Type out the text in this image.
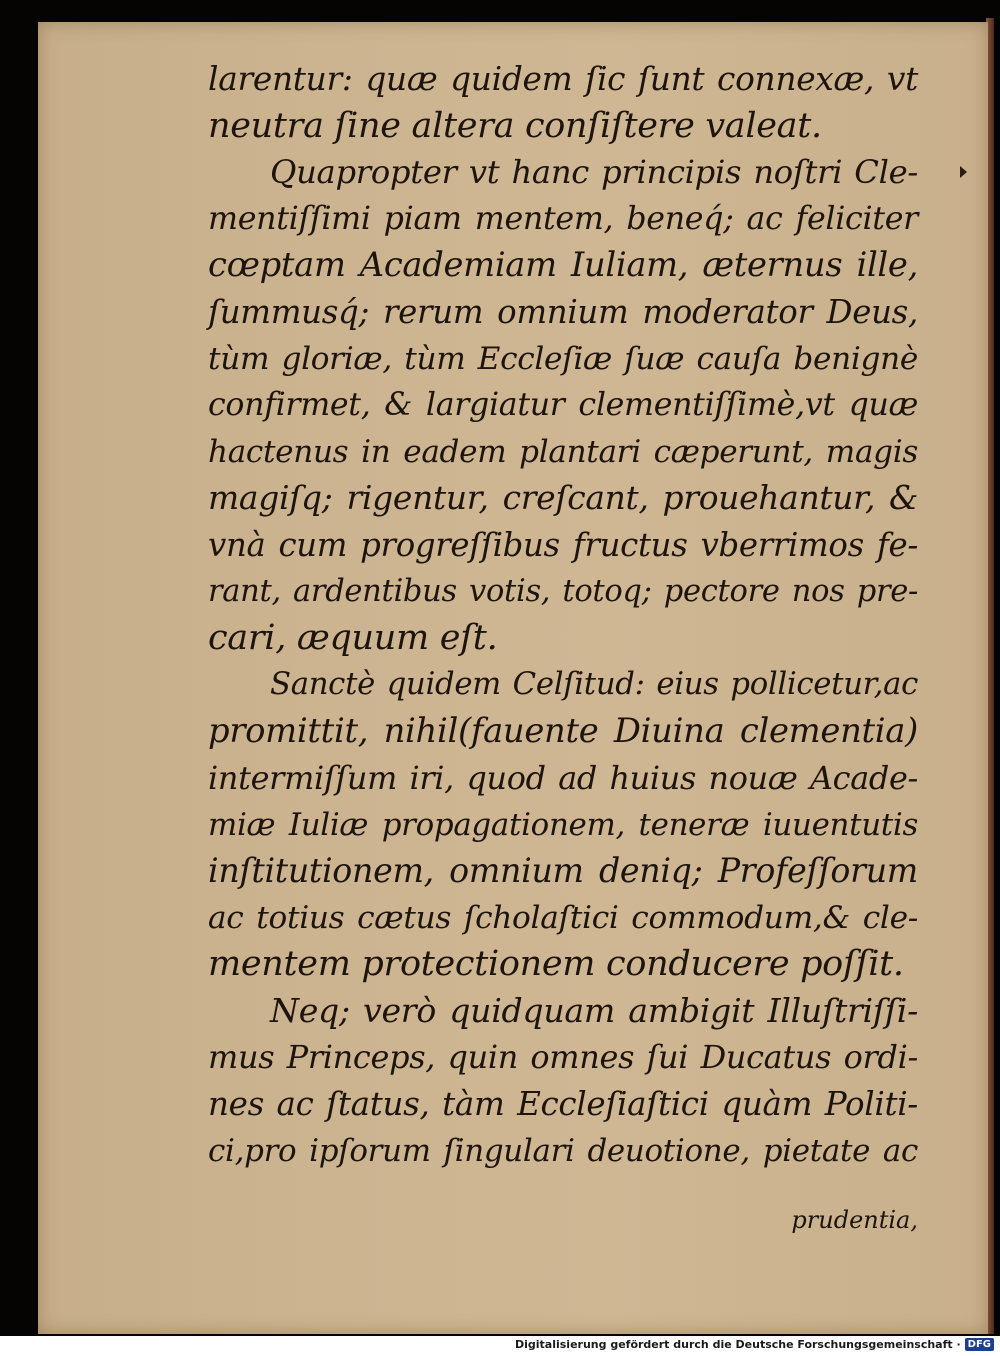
larentur: quæ quidem ſic ſunt connexæ, vt
neutra ſine altera conſiſtere valeat.
Quapropter vt hanc principis noſtri Cle-
mentiſſimi piam mentem, beneq́; ac feliciter
cœptam Academiam Iuliam, æternus ille,
ſummusq́; rerum omnium moderator Deus,
tùm gloriæ, tùm Eccleſiæ ſuæ cauſa benignè
confirmet, & largiatur clementiſſimè,vt quæ
hactenus in eadem plantari cæperunt, magis
magiſq; rigentur, creſcant, prouehantur, &
vnà cum progreſſibus fructus vberrimos fe-
rant, ardentibus votis, totoq; pectore nos pre-
cari, æquum eſt.
Sanctè quidem Celſitud: eius pollicetur,ac
promittit, nihil(fauente Diuina clementia)
intermiſſum iri, quod ad huius nouæ Acade-
miæ Iuliæ propagationem, teneræ iuuentutis
inſtitutionem, omnium deniq; Profeſſorum
ac totius cætus ſcholaſtici commodum,& cle-
mentem protectionem conducere poſſit.
Neq; verò quidquam ambigit Illuſtriſſi-
mus Princeps, quin omnes ſui Ducatus ordi-
nes ac ſtatus, tàm Eccleſiaſtici quàm Politi-
ci,pro ipſorum ſingulari deuotione, pietate ac
prudentia,
Digitalisierung gefördert durch die Deutsche Forschungsgemeinschaft · DFG
